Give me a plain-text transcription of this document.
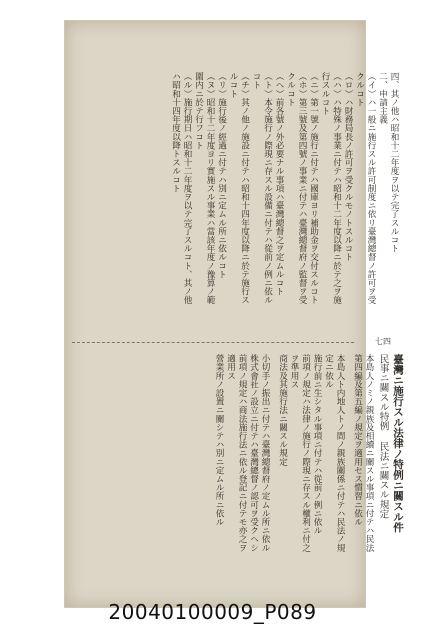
四、其ノ他ハ昭和十二年度ヲ以テ完了スルコト

二、申請主義

（イ）ハ一般ニ施行スル許可制度ニ依リ臺灣總督ノ許可ヲ受クルコト

（ロ）ハ財務局長ノ許可ヲ受クルモノトスルコト

（ハ）ハ特殊ノ事業ニ付テハ昭和十二年度以降ニ於テ之ヲ施行スルコト

（ニ）第一號ノ施行ニ付テハ國庫ヨリ補助金ヲ交付スルコト

（ホ）第三號及第四號ノ事業ニ付テハ臺灣總督府ノ監督ヲ受クルコト

（ヘ）前各號ノ外必要ナル事項ハ臺灣總督之ヲ定ムルコト

（ト）本令施行ノ際現ニ存スル設備ニ付テハ從前ノ例ニ依ルコト

（チ）其ノ他ノ施設ニ付テハ昭和十四年度以降ニ於テ施行スルコト

（リ）施行後ノ經過ニ付テハ別ニ定ムル所ニ依ルコト

（ヌ）昭和十二年度ヨリ實施スル事業ハ當該年度ノ豫算ノ範圍内ニ於テ行フコト

（ル）施行期日ハ昭和十二年度ヲ以テ完了スルコト、其ノ他ハ昭和十四年度以降トスルコト

七四

臺灣ニ施行スル法律ノ特例ニ關スル件

民事ニ關スル特例 民法ニ關スル規定

本島人ノミノ親族及相續ニ關スル事項ニ付テハ民法第四編及第五編ノ規定ヲ適用セス慣習ニ依ル

本島人ト内地人トノ間ノ親族關係ニ付テハ民法ノ規定ニ依ル

施行前ニ生シタル事項ニ付テハ從前ノ例ニ依ル

前項ノ規定ハ法律ノ施行ノ際現ニ存スル權利ニ付之ヲ準用ス

商法及其施行法ニ關スル規定

小切手ノ振出ニ付テハ臺灣總督府ノ定ムル所ニ依ル

株式會社ノ設立ニ付テハ臺灣總督ノ認可ヲ受クヘシ

前項ノ規定ハ商法施行法ニ依ル登記ニ付テモ亦之ヲ適用ス

營業所ノ設置ニ關シテハ別ニ定ムル所ニ依ル

20040100009_P089
